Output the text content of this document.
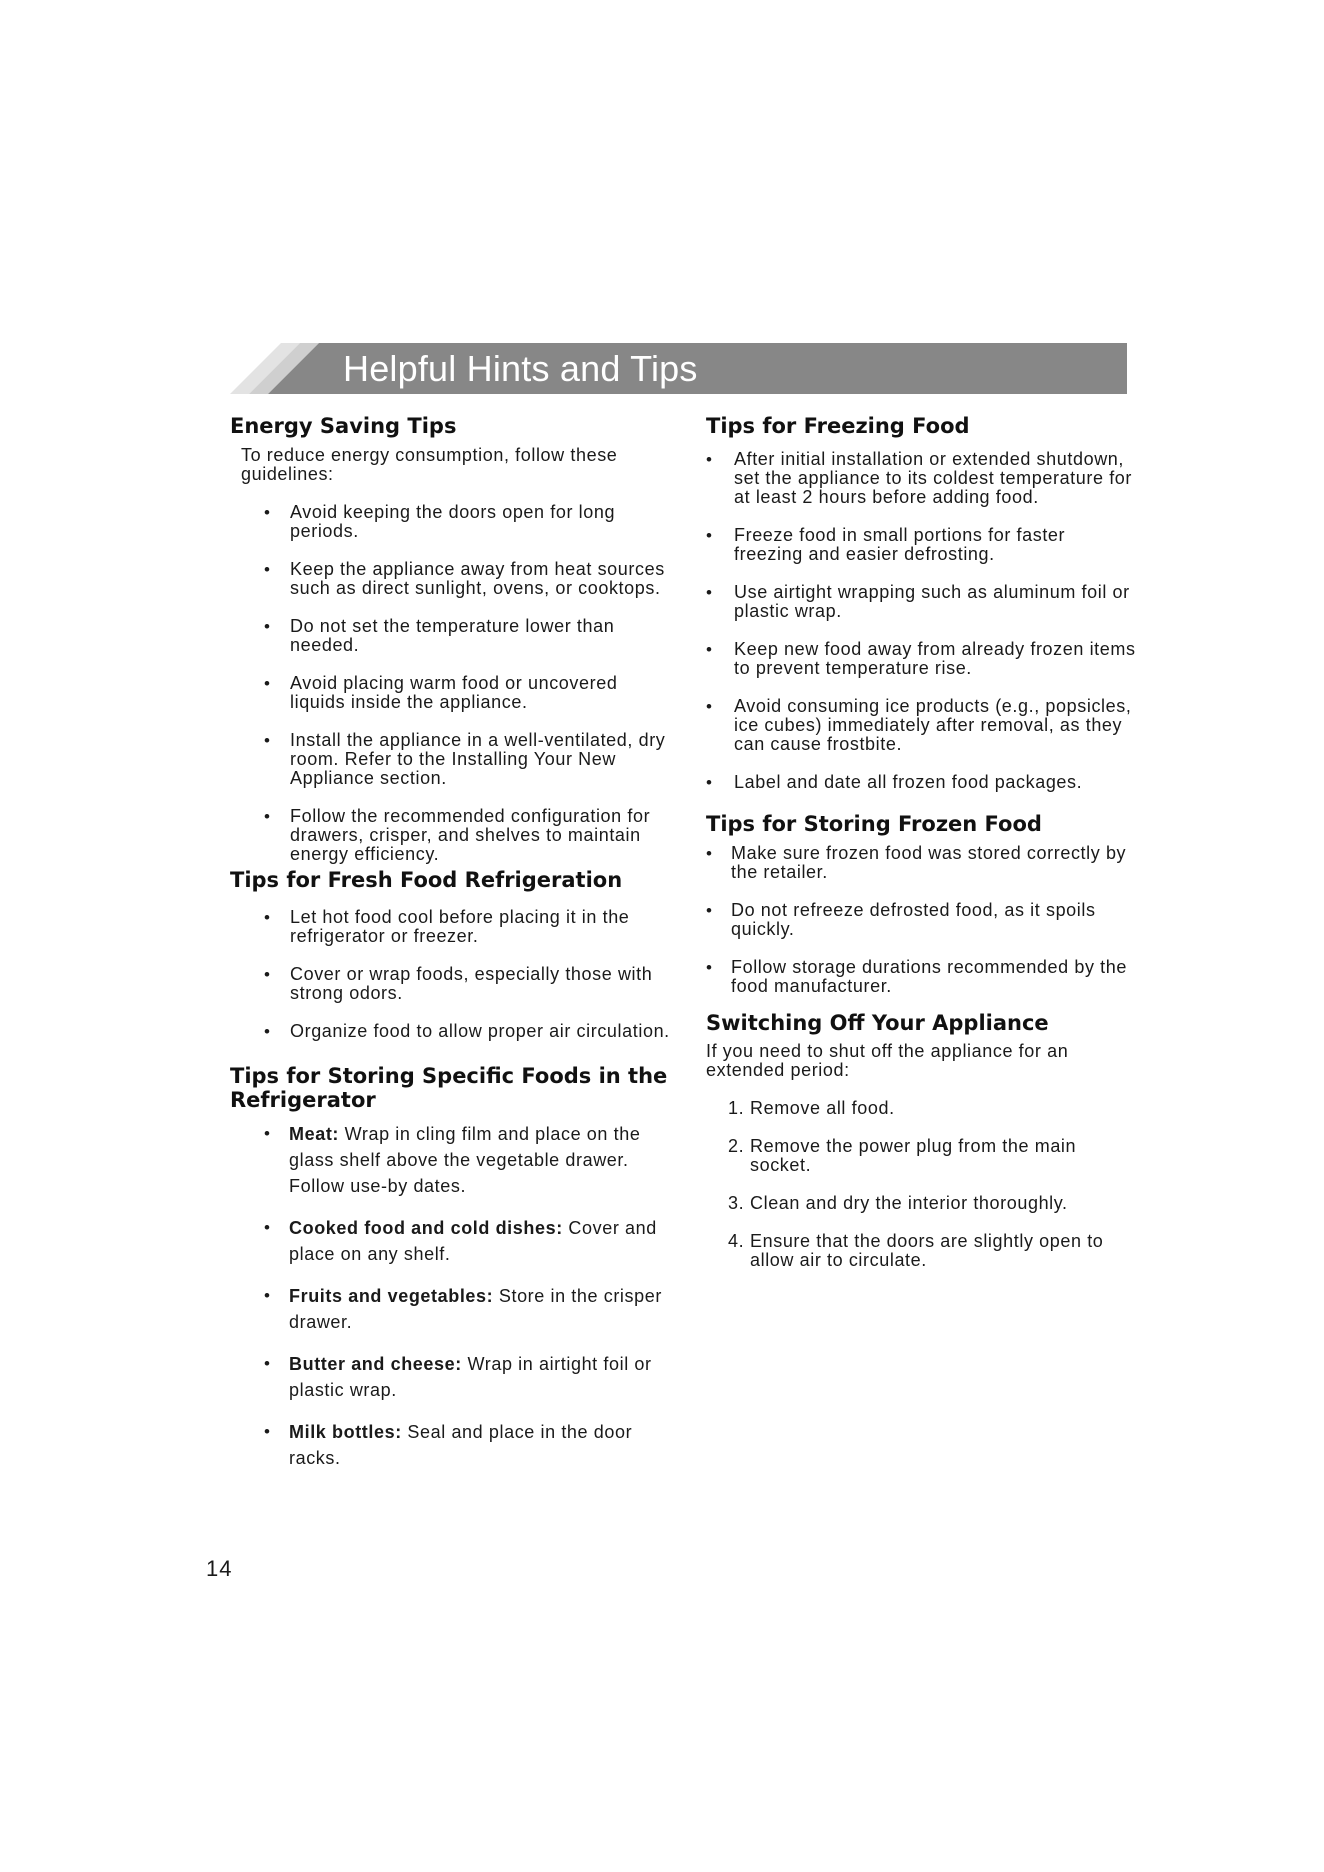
Helpful Hints and Tips
Energy Saving Tips

To reduce energy consumption, follow these guidelines:

• Avoid keeping the doors open for long periods.
• Keep the appliance away from heat sources such as direct sunlight, ovens, or cooktops.
• Do not set the temperature lower than needed.
• Avoid placing warm food or uncovered liquids inside the appliance.
• Install the appliance in a well-ventilated, dry room. Refer to the Installing Your New Appliance section.
• Follow the recommended configuration for drawers, crisper, and shelves to maintain energy efficiency.
Tips for Fresh Food Refrigeration
• Let hot food cool before placing it in the refrigerator or freezer.
• Cover or wrap foods, especially those with strong odors.
• Organize food to allow proper air circulation.
Tips for Storing Specific Foods in the Refrigerator
• Meat: Wrap in cling film and place on the glass shelf above the vegetable drawer. Follow use-by dates.
• Cooked food and cold dishes: Cover and place on any shelf.
• Fruits and vegetables: Store in the crisper drawer.
• Butter and cheese: Wrap in airtight foil or plastic wrap.
• Milk bottles: Seal and place in the door racks.
Tips for Freezing Food
• After initial installation or extended shutdown, set the appliance to its coldest temperature for at least 2 hours before adding food.
• Freeze food in small portions for faster freezing and easier defrosting.
• Use airtight wrapping such as aluminum foil or plastic wrap.
• Keep new food away from already frozen items to prevent temperature rise.
• Avoid consuming ice products (e.g., popsicles, ice cubes) immediately after removal, as they can cause frostbite.
• Label and date all frozen food packages.
Tips for Storing Frozen Food
• Make sure frozen food was stored correctly by the retailer.
• Do not refreeze defrosted food, as it spoils quickly.
• Follow storage durations recommended by the food manufacturer.
Switching Off Your Appliance

If you need to shut off the appliance for an extended period:

1. Remove all food.
2. Remove the power plug from the main socket.
3. Clean and dry the interior thoroughly.
4. Ensure that the doors are slightly open to allow air to circulate.
14
